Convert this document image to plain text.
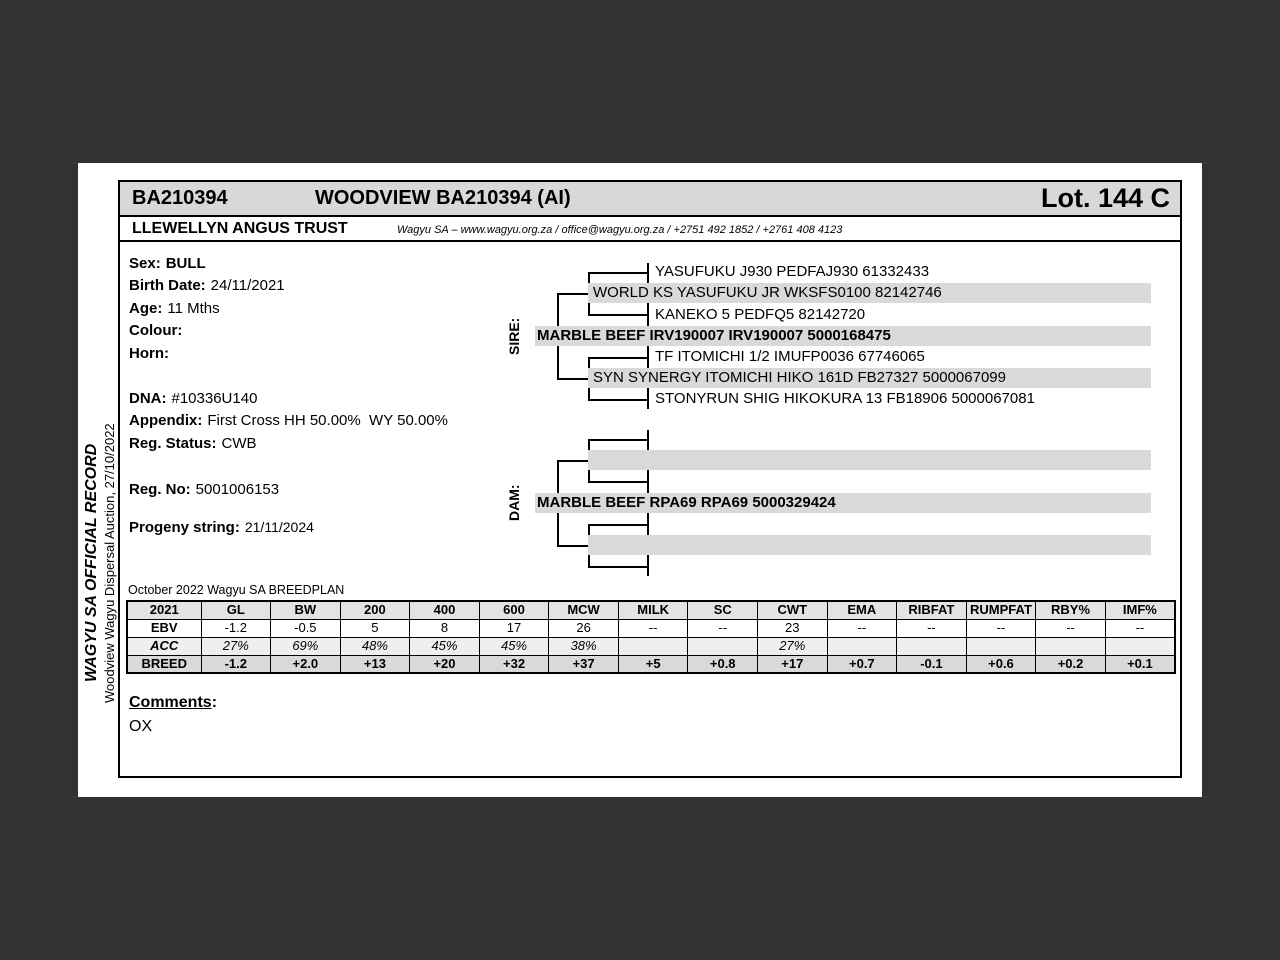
WAGYU SA OFFICIAL RECORD Woodview Wagyu Dispersal Auction, 27/10/2022
BA210394	WOODVIEW BA210394 (AI)	Lot. 144 C
LLEWELLYN ANGUS TRUST	Wagyu SA – www.wagyu.org.za / office@wagyu.org.za / +2751 492 1852 / +2761 408 4123
Sex: BULL
Birth Date: 24/11/2021
Age: 11 Mths
Colour:
Horn:
DNA: #10336U140
Appendix: First Cross HH 50.00%  WY 50.00%
Reg. Status: CWB
Reg. No: 5001006153
Progeny string: 21/11/2024
SIRE:
YASUFUKU J930 PEDFAJ930 61332433
WORLD KS YASUFUKU JR WKSFS0100 82142746
KANEKO 5 PEDFQ5 82142720
MARBLE BEEF IRV190007 IRV190007 5000168475
TF ITOMICHI 1/2 IMUFP0036 67746065
SYN SYNERGY ITOMICHI HIKO 161D FB27327 5000067099
STONYRUN SHIG HIKOKURA 13 FB18906 5000067081
DAM: MARBLE BEEF RPA69 RPA69 5000329424
October 2022 Wagyu SA BREEDPLAN
2021	GL	BW	200	400	600	MCW	MILK	SC	CWT	EMA	RIBFAT	RUMPFAT	RBY%	IMF%
EBV	-1.2	-0.5	5	8	17	26	--	--	23	--	--	--	--	--
ACC	27%	69%	48%	45%	45%	38%			27%					
BREED	-1.2	+2.0	+13	+20	+32	+37	+5	+0.8	+17	+0.7	-0.1	+0.6	+0.2	+0.1
Comments:
OX
